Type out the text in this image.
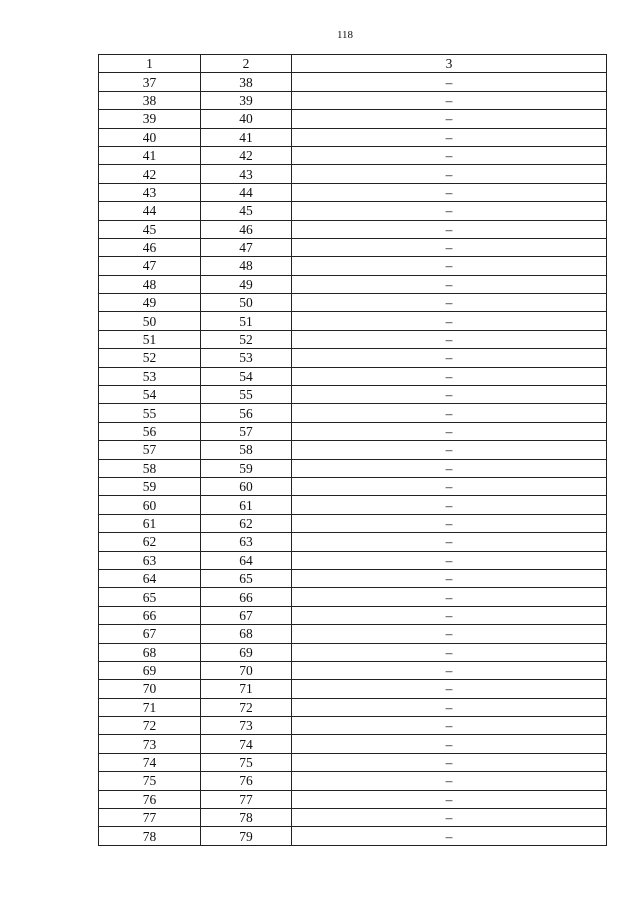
118
1	2	3
37	38	–
38	39	–
39	40	–
40	41	–
41	42	–
42	43	–
43	44	–
44	45	–
45	46	–
46	47	–
47	48	–
48	49	–
49	50	–
50	51	–
51	52	–
52	53	–
53	54	–
54	55	–
55	56	–
56	57	–
57	58	–
58	59	–
59	60	–
60	61	–
61	62	–
62	63	–
63	64	–
64	65	–
65	66	–
66	67	–
67	68	–
68	69	–
69	70	–
70	71	–
71	72	–
72	73	–
73	74	–
74	75	–
75	76	–
76	77	–
77	78	–
78	79	–
